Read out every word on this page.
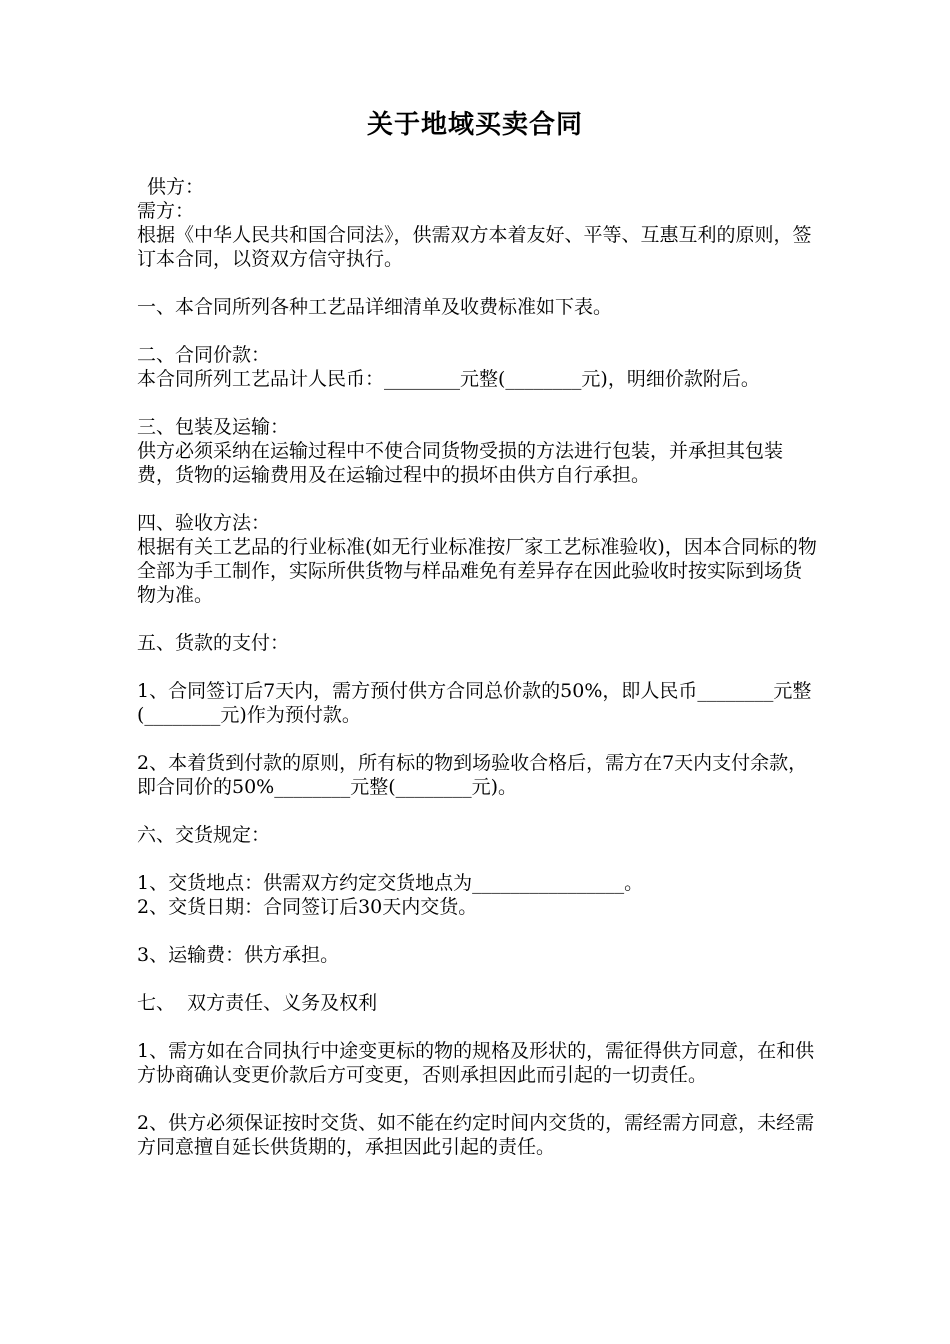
关于地域买卖合同

供方：

需方：

根据《中华人民共和国合同法》，供需双方本着友好、平等、互惠互利的原则，签订本合同，以资双方信守执行。

一、本合同所列各种工艺品详细清单及收费标准如下表。

二、合同价款：

本合同所列工艺品计人民币：________元整(________元)，明细价款附后。

三、包装及运输：

供方必须采纳在运输过程中不使合同货物受损的方法进行包装，并承担其包装费，货物的运输费用及在运输过程中的损坏由供方自行承担。

四、验收方法：

根据有关工艺品的行业标准(如无行业标准按厂家工艺标准验收)，因本合同标的物全部为手工制作，实际所供货物与样品难免有差异存在因此验收时按实际到场货物为准。

五、货款的支付：

1、合同签订后7天内，需方预付供方合同总价款的50%，即人民币________元整(________元)作为预付款。

2、本着货到付款的原则，所有标的物到场验收合格后，需方在7天内支付余款，即合同价的50%________元整(________元)。

六、交货规定：

1、交货地点：供需双方约定交货地点为________________。

2、交货日期：合同签订后30天内交货。

3、运输费：供方承担。

七、  双方责任、义务及权利

1、需方如在合同执行中途变更标的物的规格及形状的，需征得供方同意，在和供方协商确认变更价款后方可变更，否则承担因此而引起的一切责任。

2、供方必须保证按时交货、如不能在约定时间内交货的，需经需方同意，未经需方同意擅自延长供货期的，承担因此引起的责任。
